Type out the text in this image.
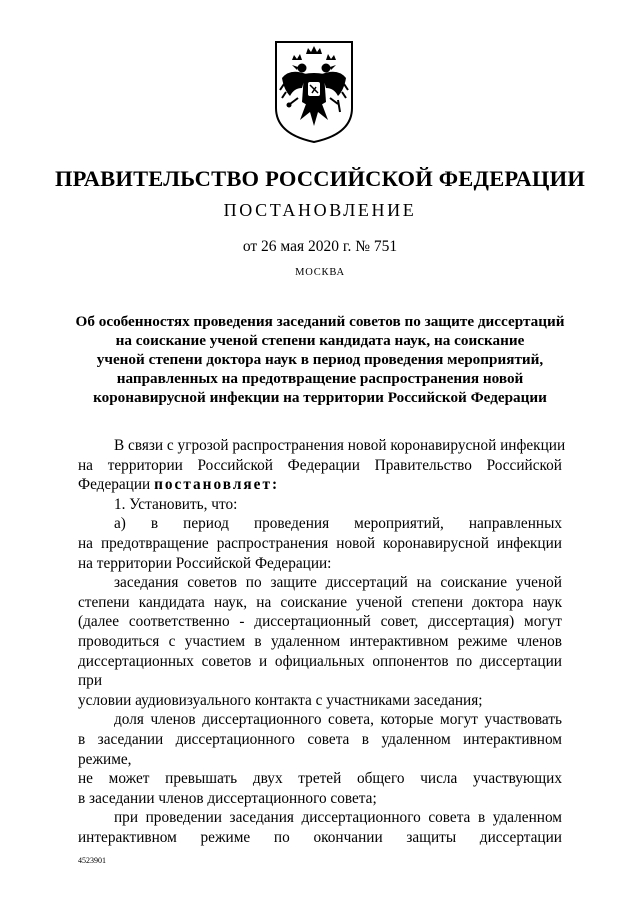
ПРАВИТЕЛЬСТВО РОССИЙСКОЙ ФЕДЕРАЦИИ
ПОСТАНОВЛЕНИЕ
от 26 мая 2020 г. № 751
МОСКВА
Об особенностях проведения заседаний советов по защите диссертаций
на соискание ученой степени кандидата наук, на соискание
ученой степени доктора наук в период проведения мероприятий,
направленных на предотвращение распространения новой
коронавирусной инфекции на территории Российской Федерации
В связи с угрозой распространения новой коронавирусной инфекции
на территории Российской Федерации Правительство Российской
Федерации постановляет:
1. Установить, что:
а) в период проведения мероприятий, направленных
на предотвращение распространения новой коронавирусной инфекции
на территории Российской Федерации:
заседания советов по защите диссертаций на соискание ученой
степени кандидата наук, на соискание ученой степени доктора наук
(далее соответственно - диссертационный совет, диссертация) могут
проводиться с участием в удаленном интерактивном режиме членов
диссертационных советов и официальных оппонентов по диссертации при
условии аудиовизуального контакта с участниками заседания;
доля членов диссертационного совета, которые могут участвовать
в заседании диссертационного совета в удаленном интерактивном режиме,
не может превышать двух третей общего числа участвующих
в заседании членов диссертационного совета;
при проведении заседания диссертационного совета в удаленном
интерактивном режиме по окончании защиты диссертации
4523901
